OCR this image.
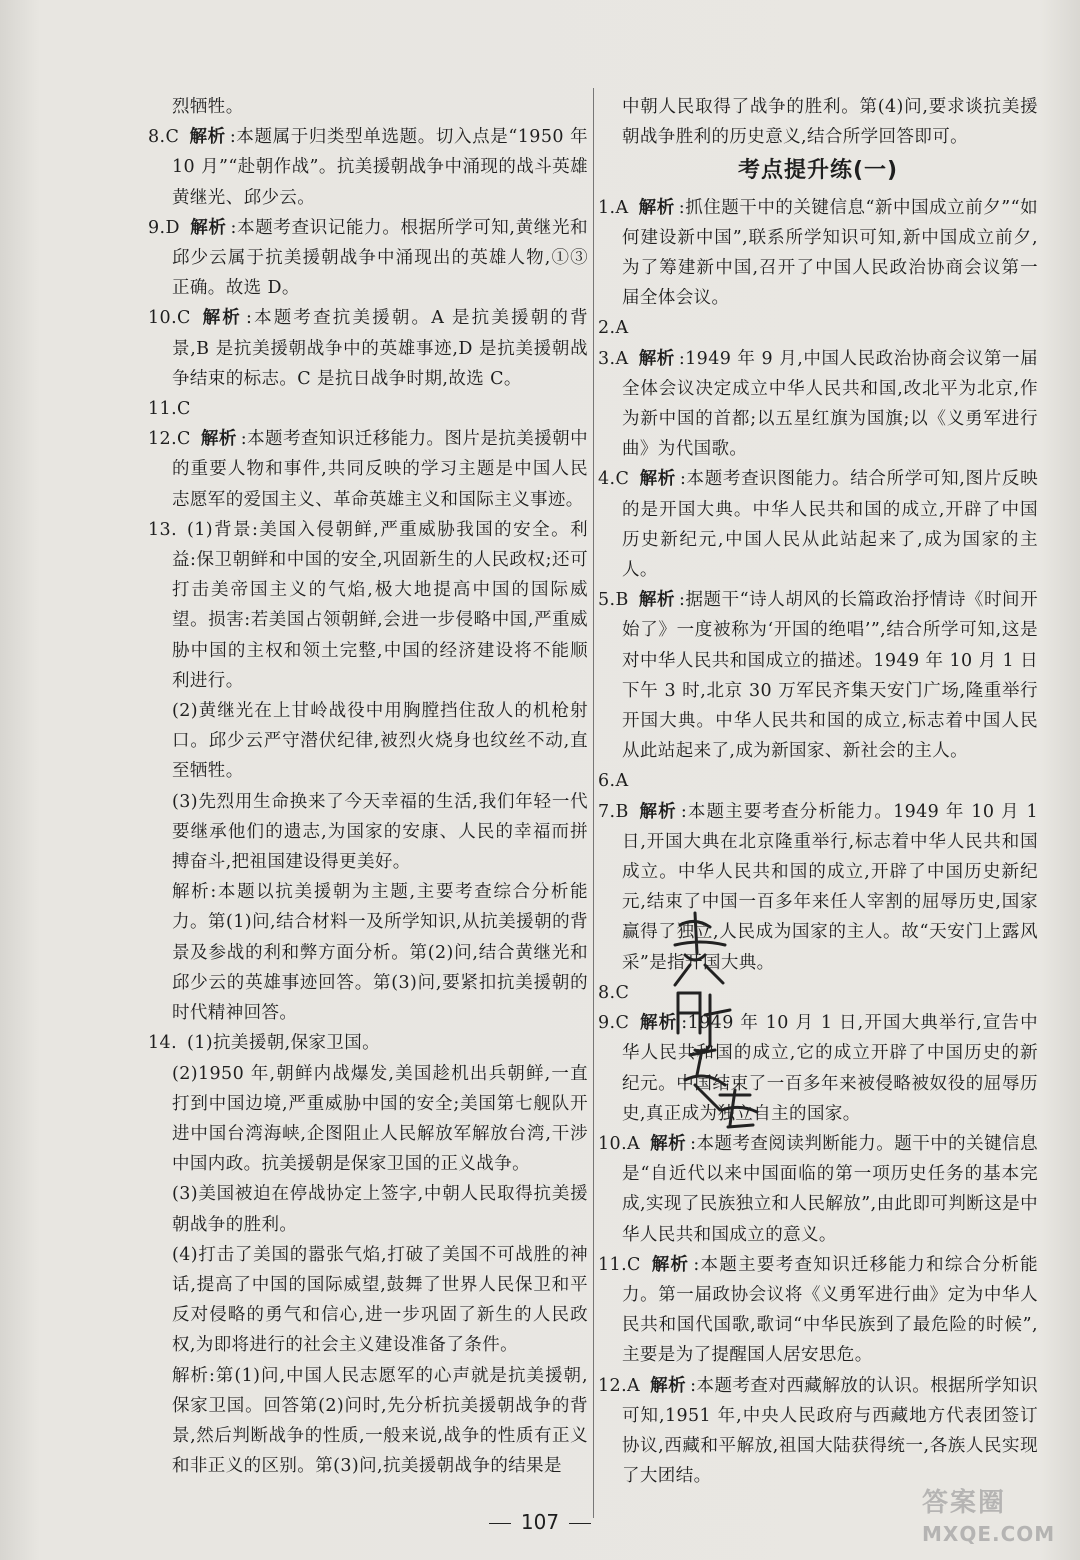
烈牺牲。

8.C 解析 :本题属于归类型单选题。切入点是“1950 年 10 月”“赴朝作战”。抗美援朝战争中涌现的战斗英雄黄继光、邱少云。

9.D 解析 :本题考查识记能力。根据所学可知,黄继光和邱少云属于抗美援朝战争中涌现出的英雄人物,①③正确。故选 D。

10.C 解析 :本题考查抗美援朝。A 是抗美援朝的背景,B 是抗美援朝战争中的英雄事迹,D 是抗美援朝战争结束的标志。C 是抗日战争时期,故选 C。

11.C

12.C 解析 :本题考查知识迁移能力。图片是抗美援朝中的重要人物和事件,共同反映的学习主题是中国人民志愿军的爱国主义、革命英雄主义和国际主义事迹。

13. (1)背景:美国入侵朝鲜,严重威胁我国的安全。利益:保卫朝鲜和中国的安全,巩固新生的人民政权;还可打击美帝国主义的气焰,极大地提高中国的国际威望。损害:若美国占领朝鲜,会进一步侵略中国,严重威胁中国的主权和领土完整,中国的经济建设将不能顺利进行。

(2)黄继光在上甘岭战役中用胸膛挡住敌人的机枪射口。邱少云严守潜伏纪律,被烈火烧身也纹丝不动,直至牺牲。

(3)先烈用生命换来了今天幸福的生活,我们年轻一代要继承他们的遗志,为国家的安康、人民的幸福而拼搏奋斗,把祖国建设得更美好。

解析:本题以抗美援朝为主题,主要考查综合分析能力。第(1)问,结合材料一及所学知识,从抗美援朝的背景及参战的利和弊方面分析。第(2)问,结合黄继光和邱少云的英雄事迹回答。第(3)问,要紧扣抗美援朝的时代精神回答。

14. (1)抗美援朝,保家卫国。

(2)1950 年,朝鲜内战爆发,美国趁机出兵朝鲜,一直打到中国边境,严重威胁中国的安全;美国第七舰队开进中国台湾海峡,企图阻止人民解放军解放台湾,干涉中国内政。抗美援朝是保家卫国的正义战争。

(3)美国被迫在停战协定上签字,中朝人民取得抗美援朝战争的胜利。

(4)打击了美国的嚣张气焰,打破了美国不可战胜的神话,提高了中国的国际威望,鼓舞了世界人民保卫和平反对侵略的勇气和信心,进一步巩固了新生的人民政权,为即将进行的社会主义建设准备了条件。

解析:第(1)问,中国人民志愿军的心声就是抗美援朝,保家卫国。回答第(2)问时,先分析抗美援朝战争的背景,然后判断战争的性质,一般来说,战争的性质有正义和非正义的区别。第(3)问,抗美援朝战争的结果是

中朝人民取得了战争的胜利。第(4)问,要求谈抗美援朝战争胜利的历史意义,结合所学回答即可。

考点提升练(一)

1.A 解析 :抓住题干中的关键信息“新中国成立前夕”“如何建设新中国”,联系所学知识可知,新中国成立前夕,为了筹建新中国,召开了中国人民政治协商会议第一届全体会议。

2.A

3.A 解析 :1949 年 9 月,中国人民政治协商会议第一届全体会议决定成立中华人民共和国,改北平为北京,作为新中国的首都;以五星红旗为国旗;以《义勇军进行曲》为代国歌。

4.C 解析 :本题考查识图能力。结合所学可知,图片反映的是开国大典。中华人民共和国的成立,开辟了中国历史新纪元,中国人民从此站起来了,成为国家的主人。

5.B 解析 :据题干“诗人胡风的长篇政治抒情诗《时间开始了》一度被称为‘开国的绝唱’”,结合所学可知,这是对中华人民共和国成立的描述。1949 年 10 月 1 日下午 3 时,北京 30 万军民齐集天安门广场,隆重举行开国大典。中华人民共和国的成立,标志着中国人民从此站起来了,成为新国家、新社会的主人。

6.A

7.B 解析 :本题主要考查分析能力。1949 年 10 月 1 日,开国大典在北京隆重举行,标志着中华人民共和国成立。中华人民共和国的成立,开辟了中国历史新纪元,结束了中国一百多年来任人宰割的屈辱历史,国家赢得了独立,人民成为国家的主人。故“天安门上露风采”是指开国大典。

8.C

9.C 解析 :1949 年 10 月 1 日,开国大典举行,宣告中华人民共和国的成立,它的成立开辟了中国历史的新纪元。中国结束了一百多年来被侵略被奴役的屈辱历史,真正成为独立自主的国家。

10.A 解析 :本题考查阅读判断能力。题干中的关键信息是“自近代以来中国面临的第一项历史任务的基本完成,实现了民族独立和人民解放”,由此即可判断这是中华人民共和国成立的意义。

11.C 解析 :本题主要考查知识迁移能力和综合分析能力。第一届政协会议将《义勇军进行曲》定为中华人民共和国代国歌,歌词“中华民族到了最危险的时候”,主要是为了提醒国人居安思危。

12.A 解析 :本题考查对西藏解放的认识。根据所学知识可知,1951 年,中央人民政府与西藏地方代表团签订协议,西藏和平解放,祖国大陆获得统一,各族人民实现了大团结。

107
答案圈
MXQE.COM
